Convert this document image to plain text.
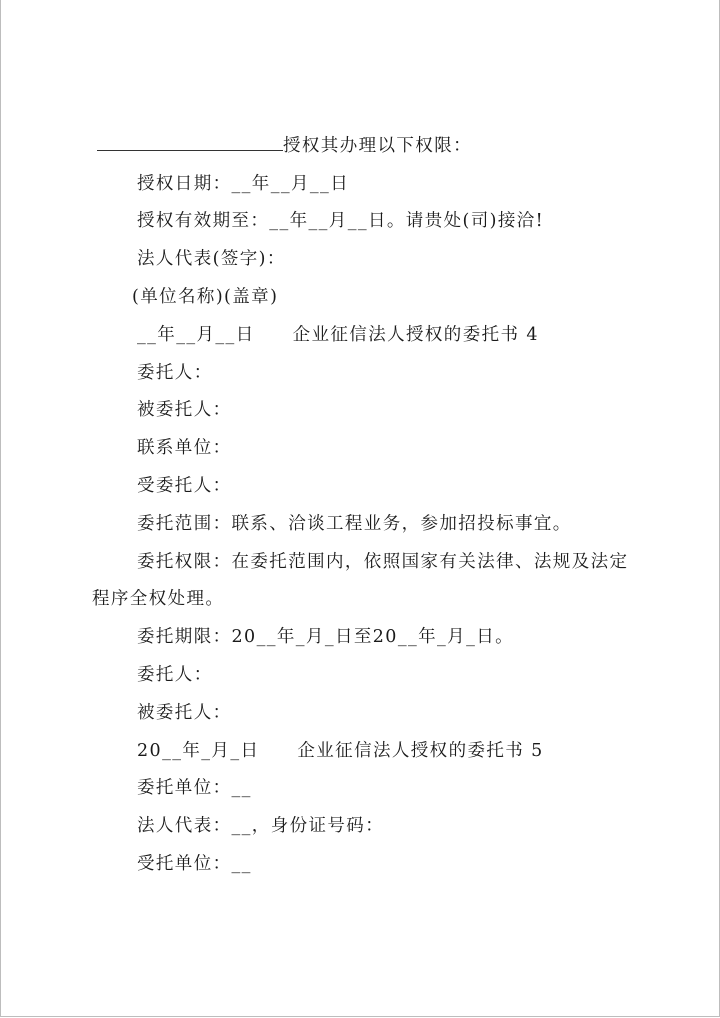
授权其办理以下权限：
授权日期：__年__月__日
授权有效期至：__年__月__日。请贵处(司)接洽!
法人代表(签字)：
(单位名称)(盖章)
__年__月__日 企业征信法人授权的委托书 4
委托人：
被委托人：
联系单位：
受委托人：
委托范围：联系、洽谈工程业务，参加招投标事宜。
委托权限：在委托范围内，依照国家有关法律、法规及法定
程序全权处理。
委托期限：20__年_月_日至20__年_月_日。
委托人：
被委托人：
20__年_月_日 企业征信法人授权的委托书 5
委托单位：__
法人代表：__，身份证号码：
受托单位：__
